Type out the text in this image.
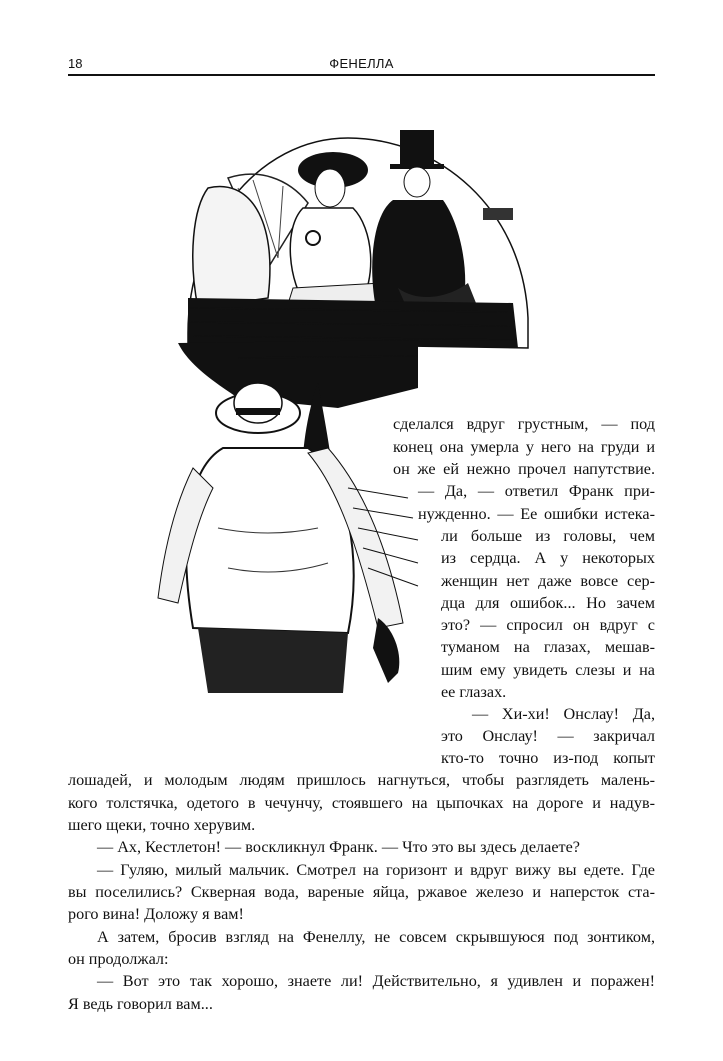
18	ФЕНЕЛЛА
сделался вдруг грустным, — под
конец она умерла у него на груди и
он же ей нежно прочел напутствие.
— Да, — ответил Франк при-
нужденно. — Ее ошибки истека-
ли больше из головы, чем
из сердца. А у некоторых
женщин нет даже вовсе сер-
дца для ошибок... Но зачем
это? — спросил он вдруг с
туманом на глазах, мешав-
шим ему увидеть слезы и на
ее глазах.
— Хи-хи! Онслау! Да,
это Онслау! — закричал
кто-то точно из-под копыт
лошадей, и молодым людям пришлось нагнуться, чтобы разглядеть малень-
кого толстячка, одетого в чечунчу, стоявшего на цыпочках на дороге и надув-
шего щеки, точно херувим.
— Ах, Кестлетон! — воскликнул Франк. — Что это вы здесь делаете?
— Гуляю, милый мальчик. Смотрел на горизонт и вдруг вижу вы едете. Где
вы поселились? Скверная вода, вареные яйца, ржавое железо и наперсток ста-
рого вина! Доложу я вам!
А затем, бросив взгляд на Фенеллу, не совсем скрывшуюся под зонтиком,
он продолжал:
— Вот это так хорошо, знаете ли! Действительно, я удивлен и поражен!
Я ведь говорил вам...
